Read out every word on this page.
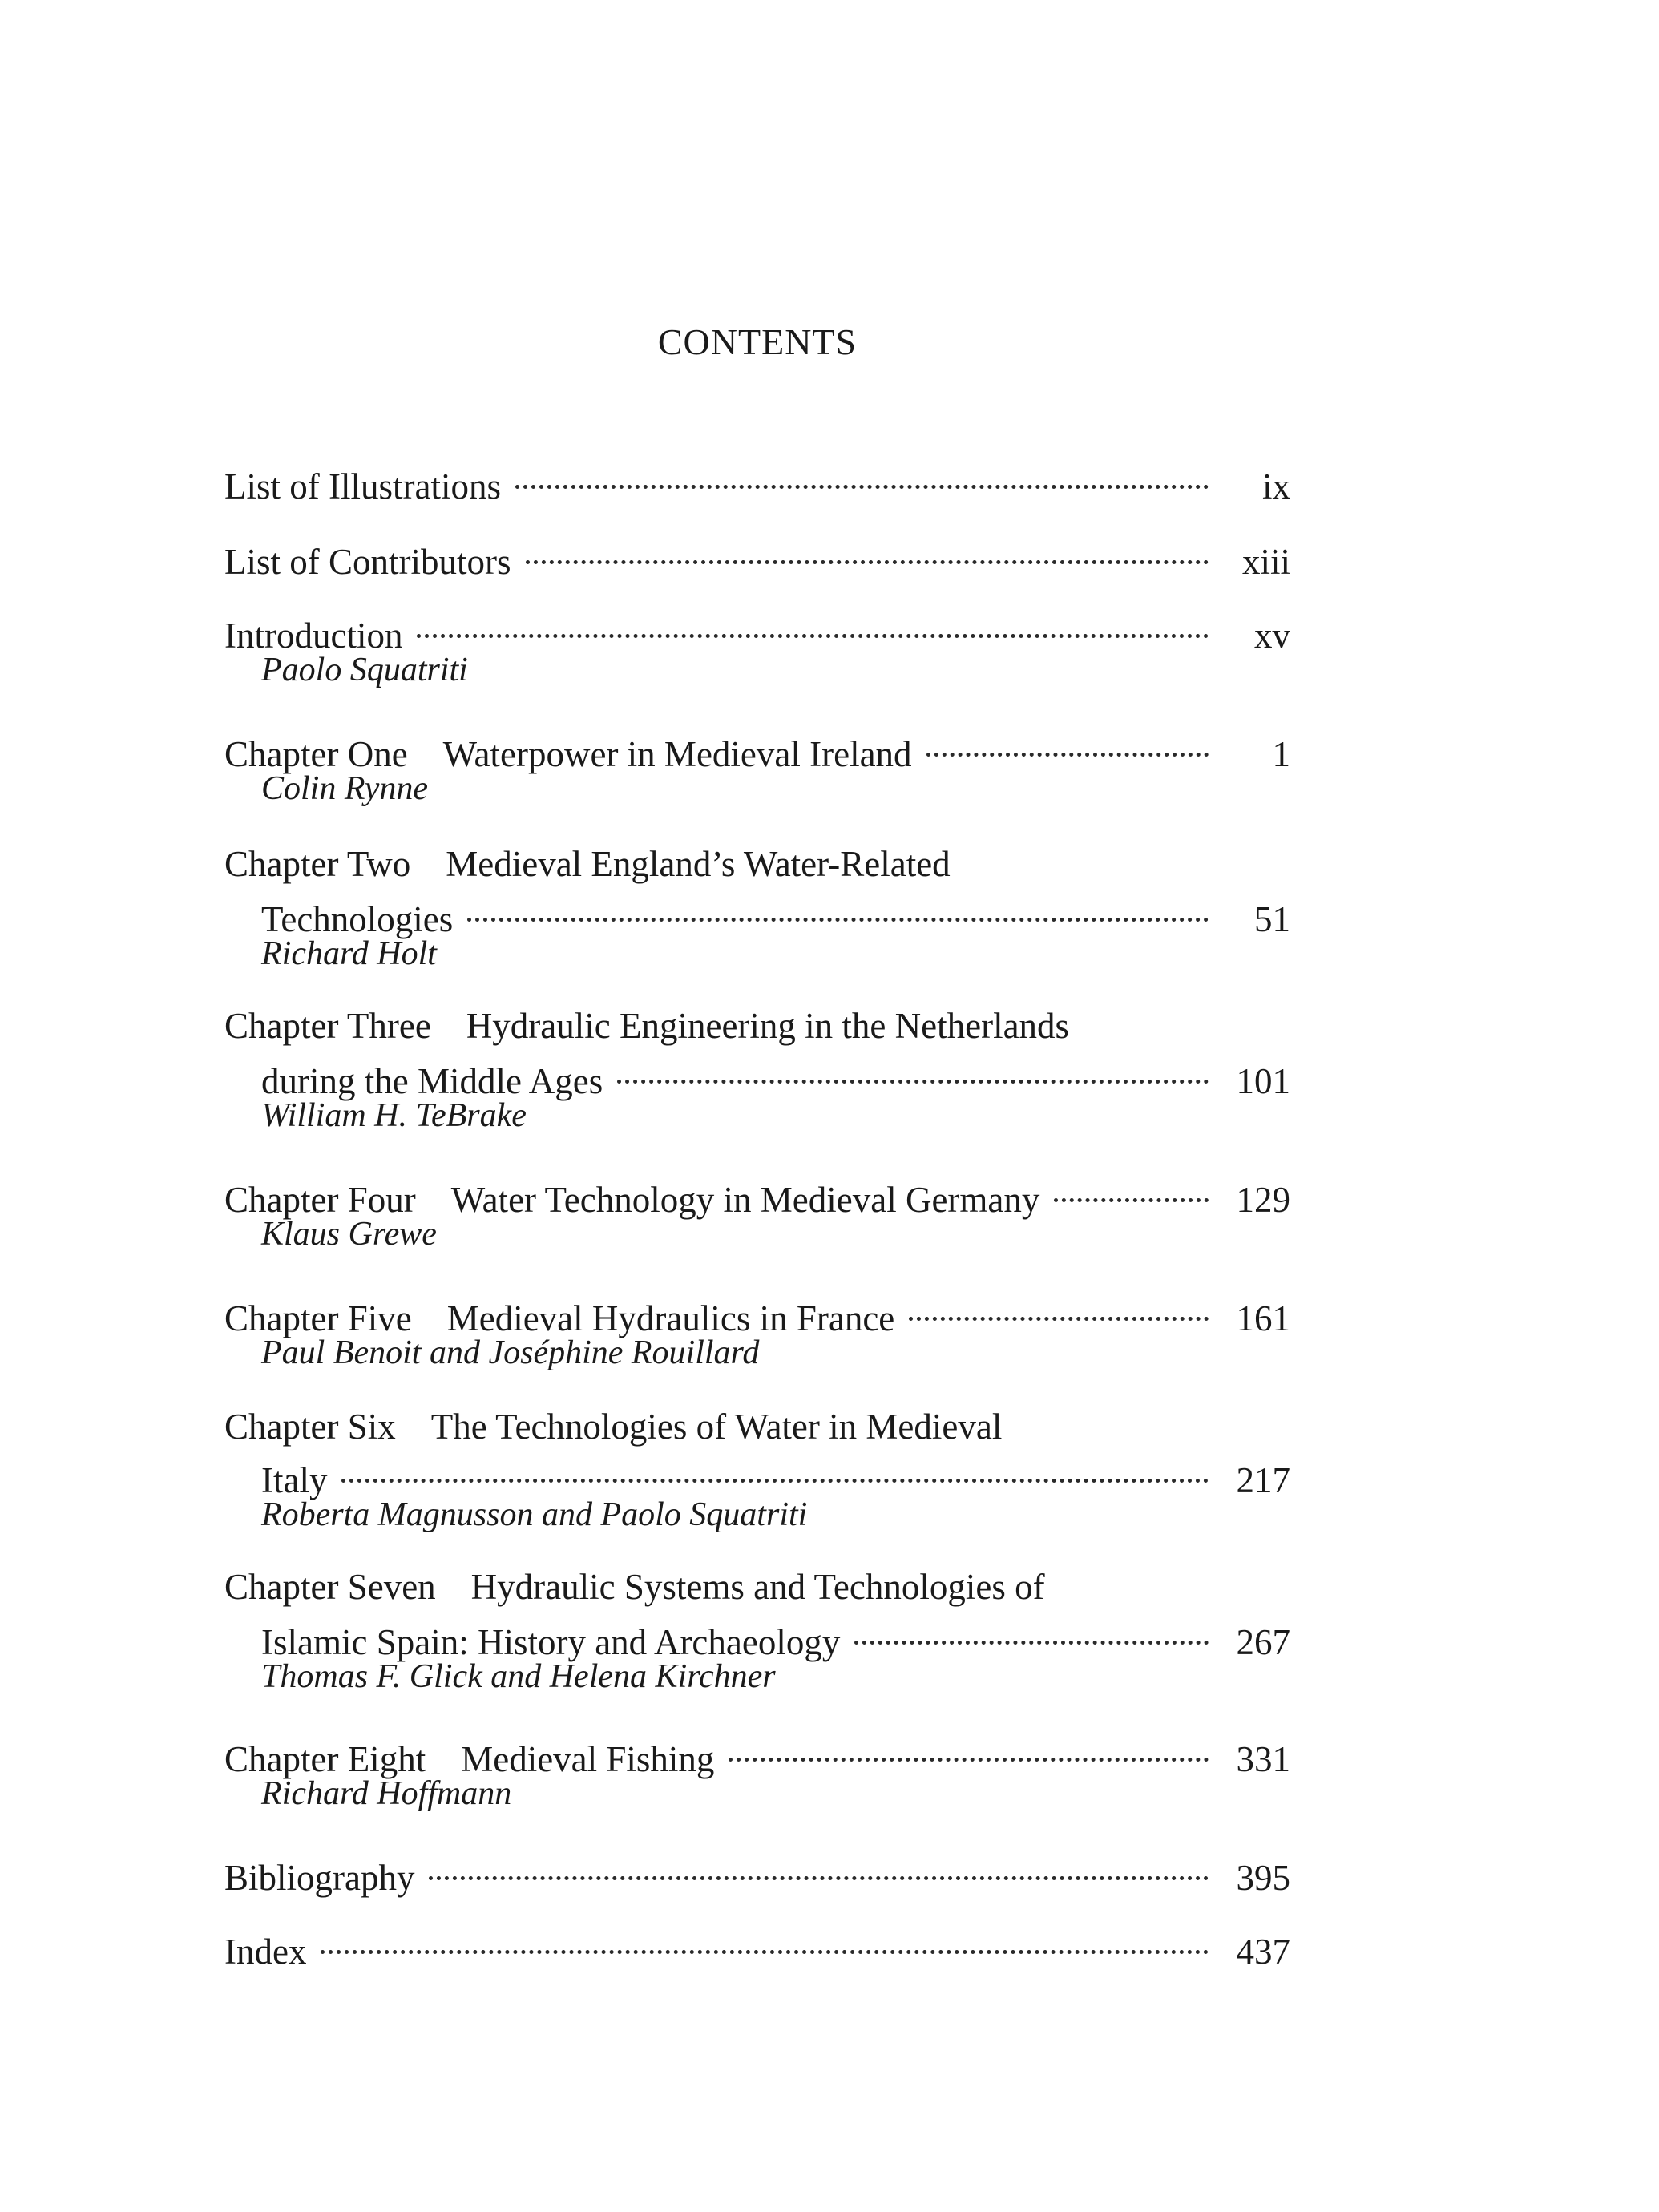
CONTENTS
List of Illustrations	ix
List of Contributors	xiii
Introduction	xv
Paolo Squatriti
Chapter One Waterpower in Medieval Ireland	1
Colin Rynne
Chapter Two Medieval England’s Water-Related
Technologies	51
Richard Holt
Chapter Three Hydraulic Engineering in the Netherlands
during the Middle Ages	101
William H. TeBrake
Chapter Four Water Technology in Medieval Germany	129
Klaus Grewe
Chapter Five Medieval Hydraulics in France	161
Paul Benoit and Joséphine Rouillard
Chapter Six The Technologies of Water in Medieval
Italy	217
Roberta Magnusson and Paolo Squatriti
Chapter Seven Hydraulic Systems and Technologies of
Islamic Spain: History and Archaeology	267
Thomas F. Glick and Helena Kirchner
Chapter Eight Medieval Fishing	331
Richard Hoffmann
Bibliography	395
Index	437
